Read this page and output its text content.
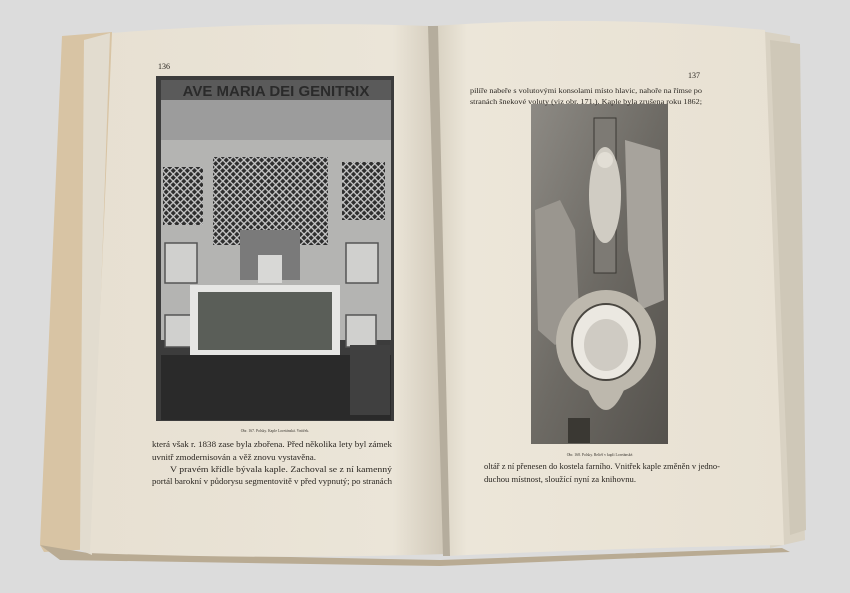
AVE MARIA DEI GENITRIX
136
Obr. 167. Polsky. Kaple Loretánská. Vnitřek.
která však r. 1838 zase byla zbořena. Před několika lety byl zámek
uvnitř zmodernisován a věž znovu vystavěna.
V pravém křídle bývala kaple. Zachoval se z ní kamenný
portál barokní v půdorysu segmentovitě v před vypnutý; po stranách
137
pilíře nabeře s volutovými konsolami místo hlavic, nahoře na římse po
stranách šnekové voluty (viz obr. 171.). Kaple byla zrušena roku 1862;
Obr. 168. Polsky. Reliéf v kapli Loretánské.
oltář z ní přenesen do kostela farního. Vnitřek kaple změněn v jedno-
duchou místnost, sloužící nyní za knihovnu.
